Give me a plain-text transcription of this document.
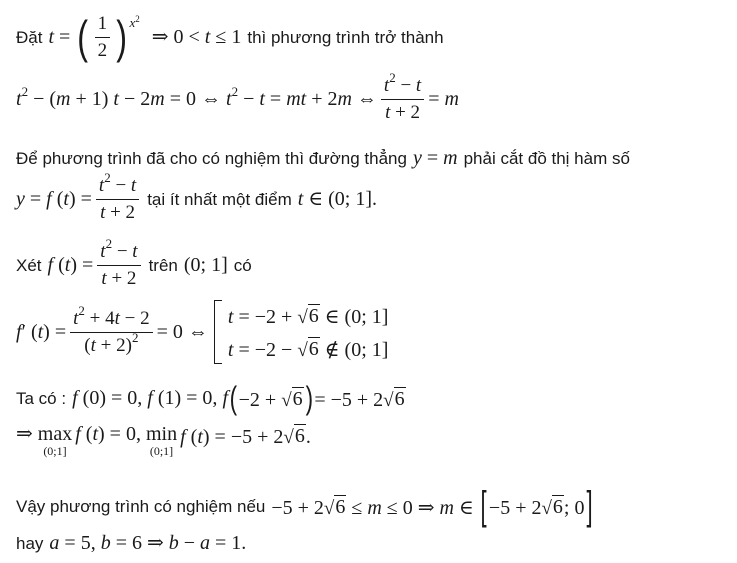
Đặt t = ( $\frac{1}{2}$ ) $x^2$
⇒ 0 < t ≤ 1 thì phương trình trở thành
$t^2 - (m + 1) t - 2m = 0$ ⇔ $t^2 - t$ = mt + 2m ⇔ $\frac{t^2 - t}{t + 2} = m$
Để phương trình đã cho có nghiệm thì đường thẳng y = m phải cắt đồ thị hàm số
y = f $(t) = \frac{t^2 - t}{t + 2}$ tại ít nhất một điểm t ∈ (0; 1].
Xét f $(t) = \frac{t^2 - t}{t + 2}$ trên (0; 1] có
f′ $(t) = \frac{t^2 + 4t - 2}{(t + 2)^2} = 0$ ⇔
t = −2 + √ 6 ∈ (0; 1]
t = −2 − √ 6 ∉ (0; 1]
Ta có : f (0) = 0, f (1) = 0, f ( −2 + √ 6 ) = −5 + 2 √ 6
⇒ max
(0;1]
f (t) = 0, min
(0;1]
f (t) = −5 + 2 √ 6 .
Vậy phương trình có nghiệm nếu −5 + 2 √ 6 ≤ m ≤ 0 ⇒ m ∈ [ −5 + 2 √ 6 ; 0 ]
hay a = 5, b = 6 ⇒ b − a = 1.
